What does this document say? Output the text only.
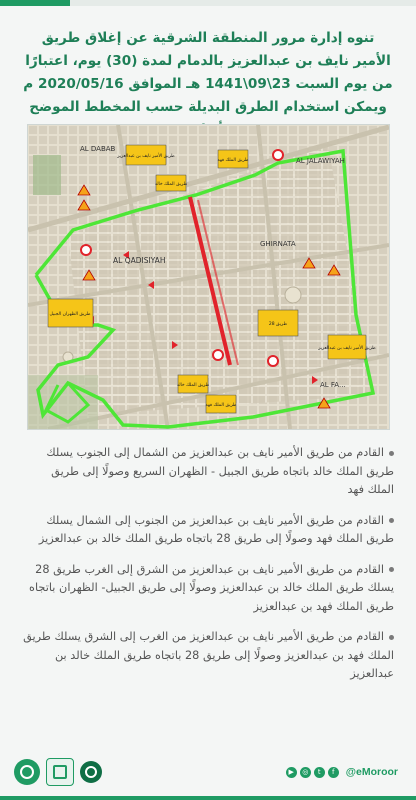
تنوه إدارة مرور المنطقة الشرقية عن إغلاق طريق الأمير نايف بن عبدالعزيز بالدمام لمدة (30) يوم، اعتبارًا من يوم السبت 23\09\1441 هـ الموافق 2020/05/16 م ويمكن استخدام الطرق البديلة حسب المخطط الموضح
AL DABAB
AL JALAWIYAH
AL QADISIYAH
GHIRNATA
AL FA...
طريق الأمير نايف بن عبدالعزيز
طريق الملك خالد
طريق الملك فهد
طريق الظهران الجبيل
طريق 28
طريق الأمير نايف بن عبدالعزيز
طريق الملك خالد
طريق الملك فهد

القادم من طريق الأمير نايف بن عبدالعزيز من الشمال إلى الجنوب يسلك طريق الملك خالد باتجاه طريق الجبيل - الظهران السريع وصولًا إلى طريق الملك فهد

القادم من طريق الأمير نايف بن عبدالعزيز من الجنوب إلى الشمال يسلك طريق الملك فهد وصولًا إلى طريق 28 باتجاه طريق الملك خالد بن عبدالعزيز

القادم من طريق الأمير نايف بن عبدالعزيز من الشرق إلى الغرب طريق 28 يسلك طريق الملك خالد بن عبدالعزيز وصولًا إلى طريق الجبيل- الظهران باتجاه طريق الملك فهد بن عبدالعزيز

القادم من طريق الأمير نايف بن عبدالعزيز من الغرب إلى الشرق يسلك طريق الملك فهد بن عبدالعزيز وصولًا إلى طريق 28 باتجاه طريق الملك خالد بن عبدالعزيز

▶	◎	t	f	@eMoroor
